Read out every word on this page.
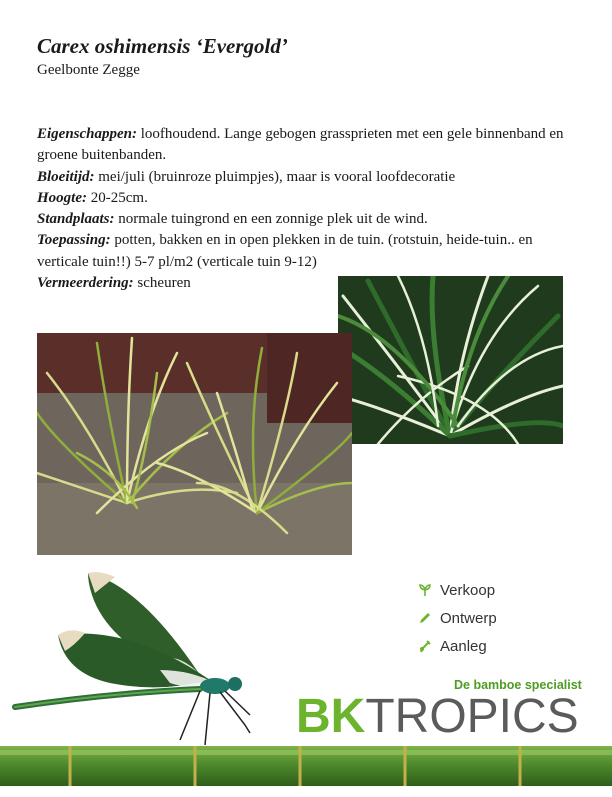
Carex oshimensis ‘Evergold’
Geelbonte Zegge

Eigenschappen: loofhoudend. Lange gebogen grassprieten met een gele binnenband en groene buitenbanden.

Bloeitijd: mei/juli (bruinroze pluimpjes), maar is vooral loofdecoratie

Hoogte: 20-25cm.

Standplaats: normale tuingrond en een zonnige plek uit de wind.

Toepassing: potten, bakken en in open plekken in de tuin. (rotstuin, heide-tuin.. en verticale tuin!!) 5-7 pl/m2 (verticale tuin 9-12)

Vermeerdering: scheuren

Verkoop
Ontwerp
Aanleg
De bamboe specialist
BKTROPICS
